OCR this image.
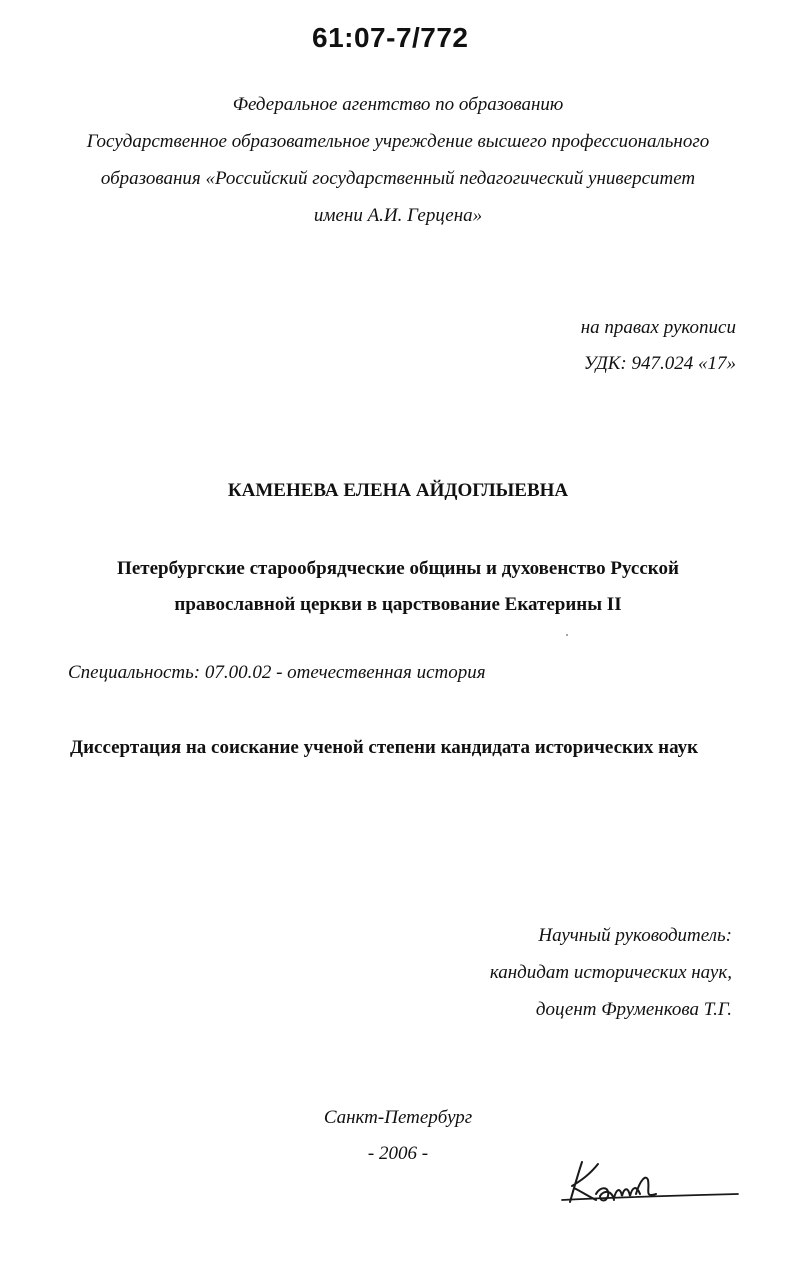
61:07-7/772
Федеральное агентство по образованию
Государственное образовательное учреждение высшего профессионального
образования «Российский государственный педагогический университет
имени А.И. Герцена»
на правах рукописи
УДК: 947.024 «17»
КАМЕНЕВА ЕЛЕНА АЙДОГЛЫЕВНА
Петербургские старообрядческие общины и духовенство Русской
православной церкви в царствование Екатерины II
Специальность: 07.00.02 - отечественная история
Диссертация на соискание ученой степени кандидата исторических наук
Научный руководитель:
кандидат исторических наук,
доцент Фруменкова Т.Г.
Санкт-Петербург
- 2006 -
